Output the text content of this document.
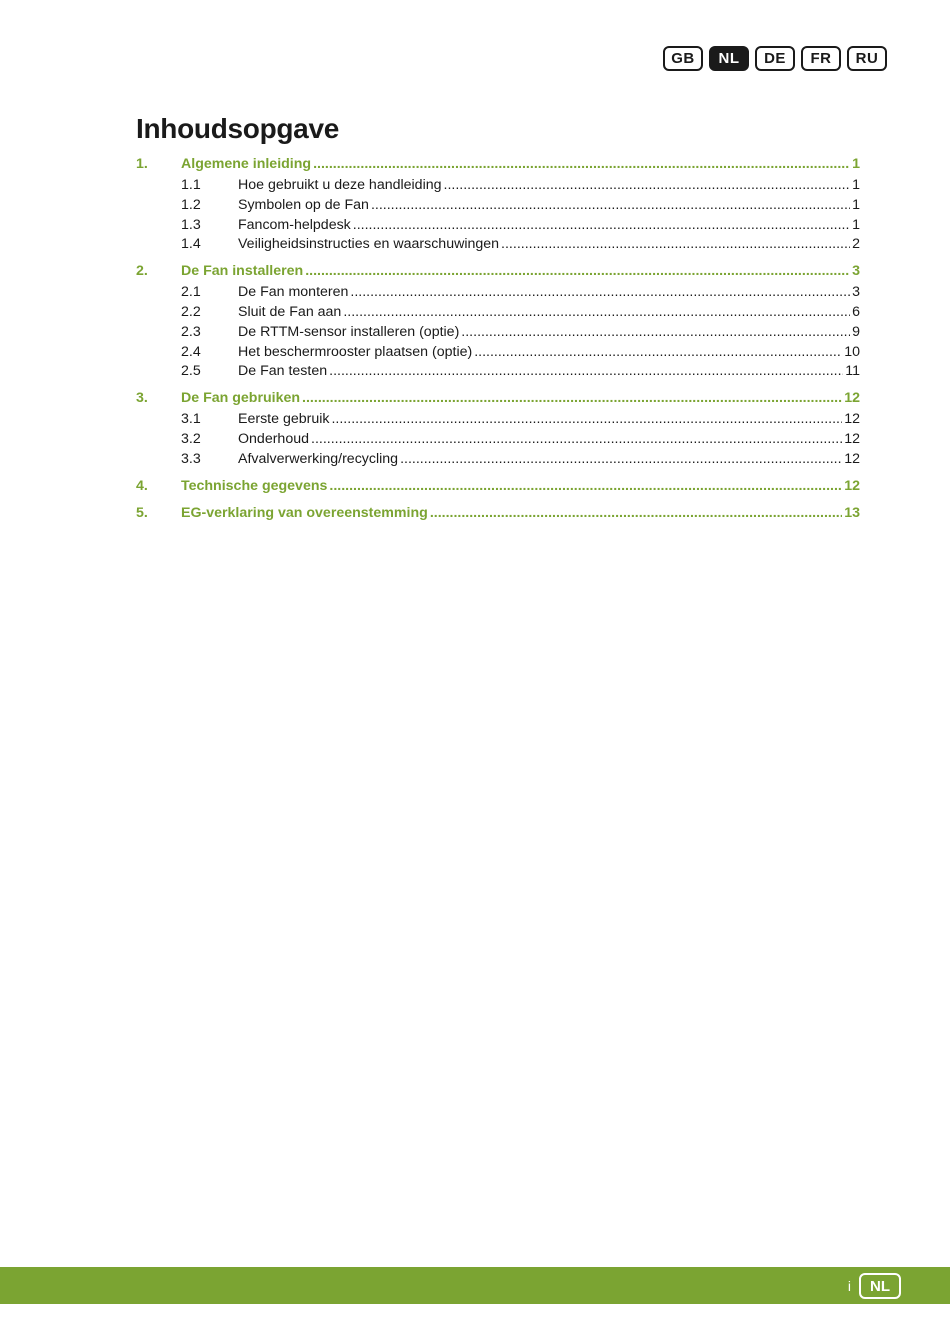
GB	NL	DE	FR	RU
Inhoudsopgave
1.	Algemene inleiding .....	1
1.1	Hoe gebruikt u deze handleiding .....	1
1.2	Symbolen op de Fan .....	1
1.3	Fancom-helpdesk .....	1
1.4	Veiligheidsinstructies en waarschuwingen .....	2
2.	De Fan installeren .....	3
2.1	De Fan monteren .....	3
2.2	Sluit de Fan aan .....	6
2.3	De RTTM-sensor installeren (optie) .....	9
2.4	Het beschermrooster plaatsen (optie) .....	10
2.5	De Fan testen .....	11
3.	De Fan gebruiken .....	12
3.1	Eerste gebruik .....	12
3.2	Onderhoud .....	12
3.3	Afvalverwerking/recycling .....	12
4.	Technische gegevens .....	12
5.	EG-verklaring van overeenstemming .....	13
i	NL
